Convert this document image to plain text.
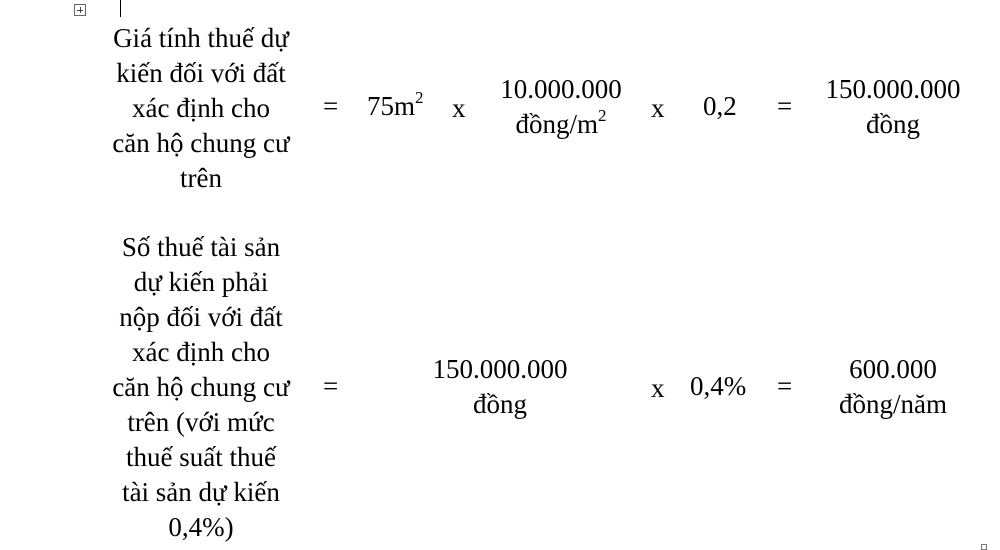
Giá tính thuế dự
kiến đối với đất
xác định cho
căn hộ chung cư
trên
= $75m^2$ x
10.000.000
đồng/$m^2$	x 0,2 =
150.000.000
đồng
Số thuế tài sản
dự kiến phải
nộp đối với đất
xác định cho
căn hộ chung cư
trên (với mức
thuế suất thuế
tài sản dự kiến
0,4%)
=
150.000.000
đồng
x 0,4% =
600.000
đồng/năm
